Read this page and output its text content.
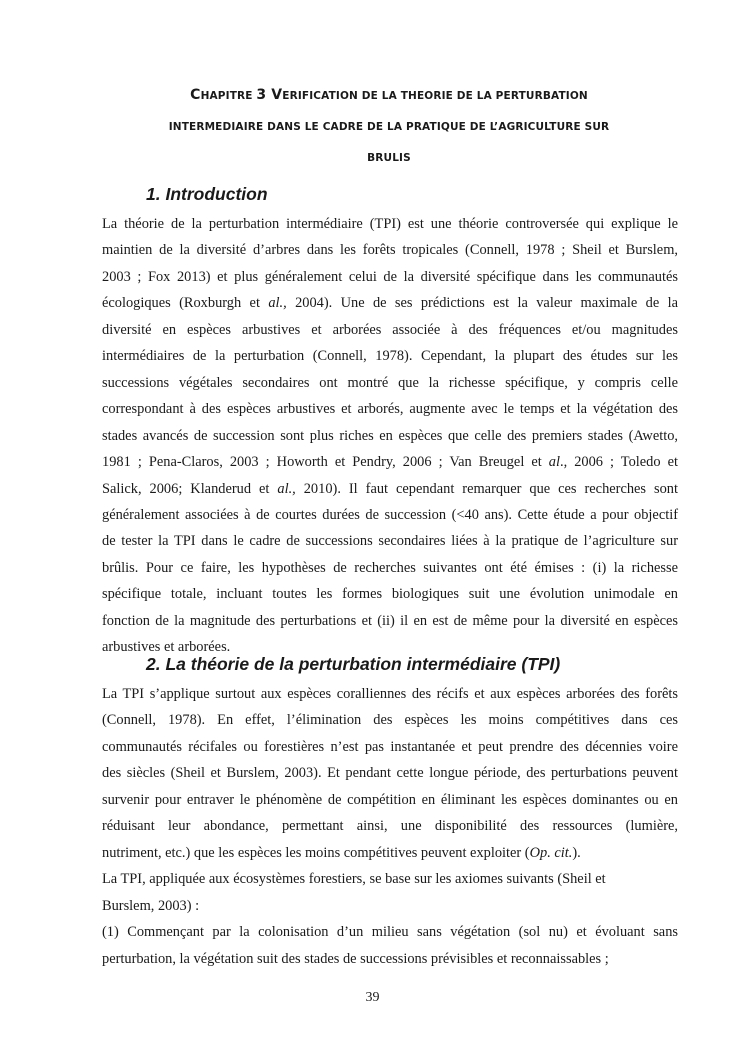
CHAPITRE 3 VERIFICATION DE LA THEORIE DE LA PERTURBATION
INTERMEDIAIRE DANS LE CADRE DE LA PRATIQUE DE L’AGRICULTURE SUR
BRULIS
1. Introduction
La théorie de la perturbation intermédiaire (TPI) est une théorie controversée qui explique le
maintien de la diversité d’arbres dans les forêts tropicales (Connell, 1978 ; Sheil et Burslem,
2003 ; Fox 2013) et plus généralement celui de la diversité spécifique dans les communautés
écologiques (Roxburgh et al., 2004). Une de ses prédictions est la valeur maximale de la
diversité en espèces arbustives et arborées associée à des fréquences et/ou magnitudes
intermédiaires de la perturbation (Connell, 1978). Cependant, la plupart des études sur les
successions végétales secondaires ont montré que la richesse spécifique, y compris celle
correspondant à des espèces arbustives et arborés, augmente avec le temps et la végétation des
stades avancés de succession sont plus riches en espèces que celle des premiers stades (Awetto,
1981 ; Pena-Claros, 2003 ; Howorth et Pendry, 2006 ; Van Breugel et al., 2006 ; Toledo et
Salick, 2006; Klanderud et al., 2010). Il faut cependant remarquer que ces recherches sont
généralement associées à de courtes durées de succession (<40 ans). Cette étude a pour objectif
de tester la TPI dans le cadre de successions secondaires liées à la pratique de l’agriculture sur
brûlis. Pour ce faire, les hypothèses de recherches suivantes ont été émises : (i) la richesse
spécifique totale, incluant toutes les formes biologiques suit une évolution unimodale en
fonction de la magnitude des perturbations et (ii) il en est de même pour la diversité en espèces
arbustives et arborées.
2. La théorie de la perturbation intermédiaire (TPI)
La TPI s’applique surtout aux espèces coralliennes des récifs et aux espèces arborées des forêts
(Connell, 1978). En effet, l’élimination des espèces les moins compétitives dans ces
communautés récifales ou forestières n’est pas instantanée et peut prendre des décennies voire
des siècles (Sheil et Burslem, 2003). Et pendant cette longue période, des perturbations peuvent
survenir pour entraver le phénomène de compétition en éliminant les espèces dominantes ou en
réduisant leur abondance, permettant ainsi, une disponibilité des ressources (lumière,
nutriment, etc.) que les espèces les moins compétitives peuvent exploiter (Op. cit.).
La TPI, appliquée aux écosystèmes forestiers, se base sur les axiomes suivants (Sheil et
Burslem, 2003) :
(1) Commençant par la colonisation d’un milieu sans végétation (sol nu) et évoluant sans
perturbation, la végétation suit des stades de successions prévisibles et reconnaissables ;
39
